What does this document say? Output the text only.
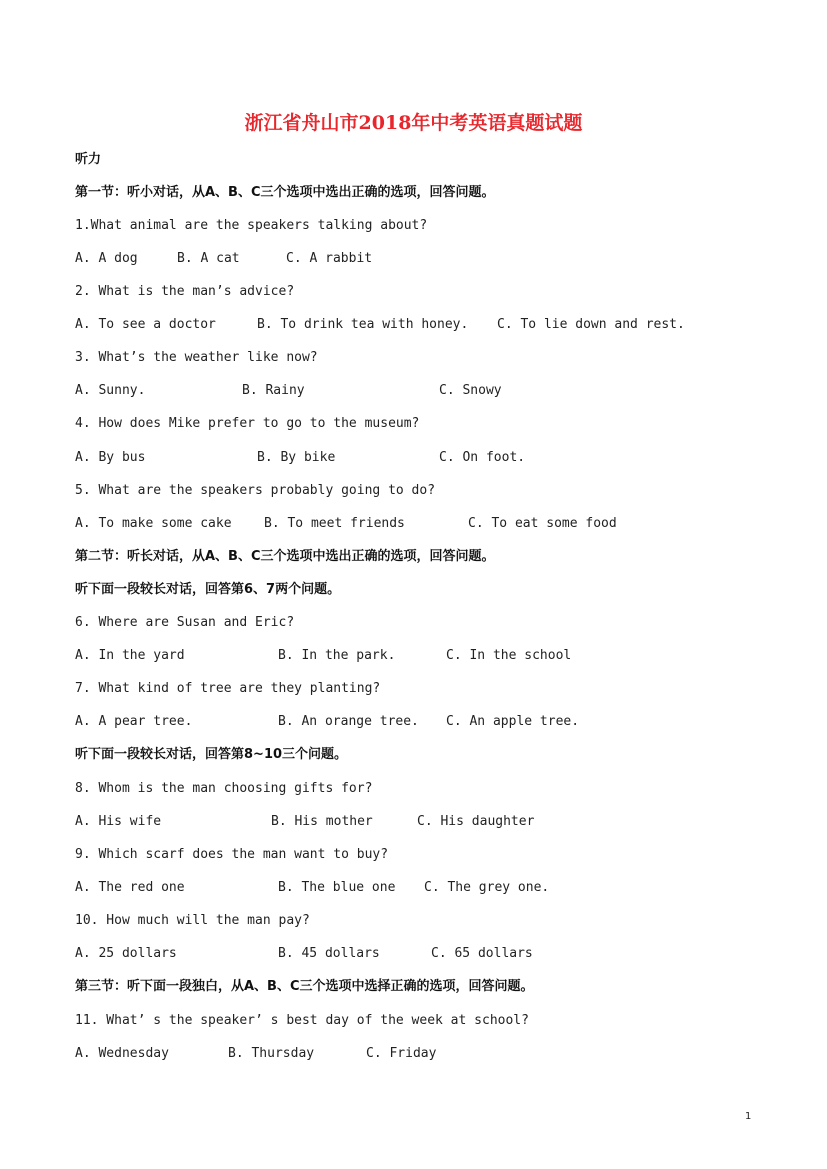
浙江省舟山市2018年中考英语真题试题
听力
第一节：听小对话，从A、B、C三个选项中选出正确的选项，回答问题。
1.What animal are the speakers talking about?
A. A dog	B. A cat	C. A rabbit
2. What is the man’s advice?
A. To see a doctor	B. To drink tea with honey. C. To lie down and rest.
3. What’s the weather like now?
A. Sunny.	B. Rainy	C. Snowy
4. How does Mike prefer to go to the museum?
A. By bus	B. By bike	C. On foot.
5. What are the speakers probably going to do?
A. To make some cake B. To meet friends	C. To eat some food
第二节：听长对话，从A、B、C三个选项中选出正确的选项，回答问题。
听下面一段较长对话，回答第6、7两个问题。
6. Where are Susan and Eric?
A. In the yard	B. In the park.	C. In the school
7. What kind of tree are they planting?
A. A pear tree.	B. An orange tree. C. An apple tree.
听下面一段较长对话，回答第8~10三个问题。
8. Whom is the man choosing gifts for?
A. His wife	B. His mother	C. His daughter
9. Which scarf does the man want to buy?
A. The red one	B. The blue one C. The grey one.
10. How much will the man pay?
A. 25 dollars	B. 45 dollars	C. 65 dollars
第三节：听下面一段独白，从A、B、C三个选项中选择正确的选项，回答问题。
11. What’ s the speaker’ s best day of the week at school?
A. Wednesday	B. Thursday	C. Friday
1
